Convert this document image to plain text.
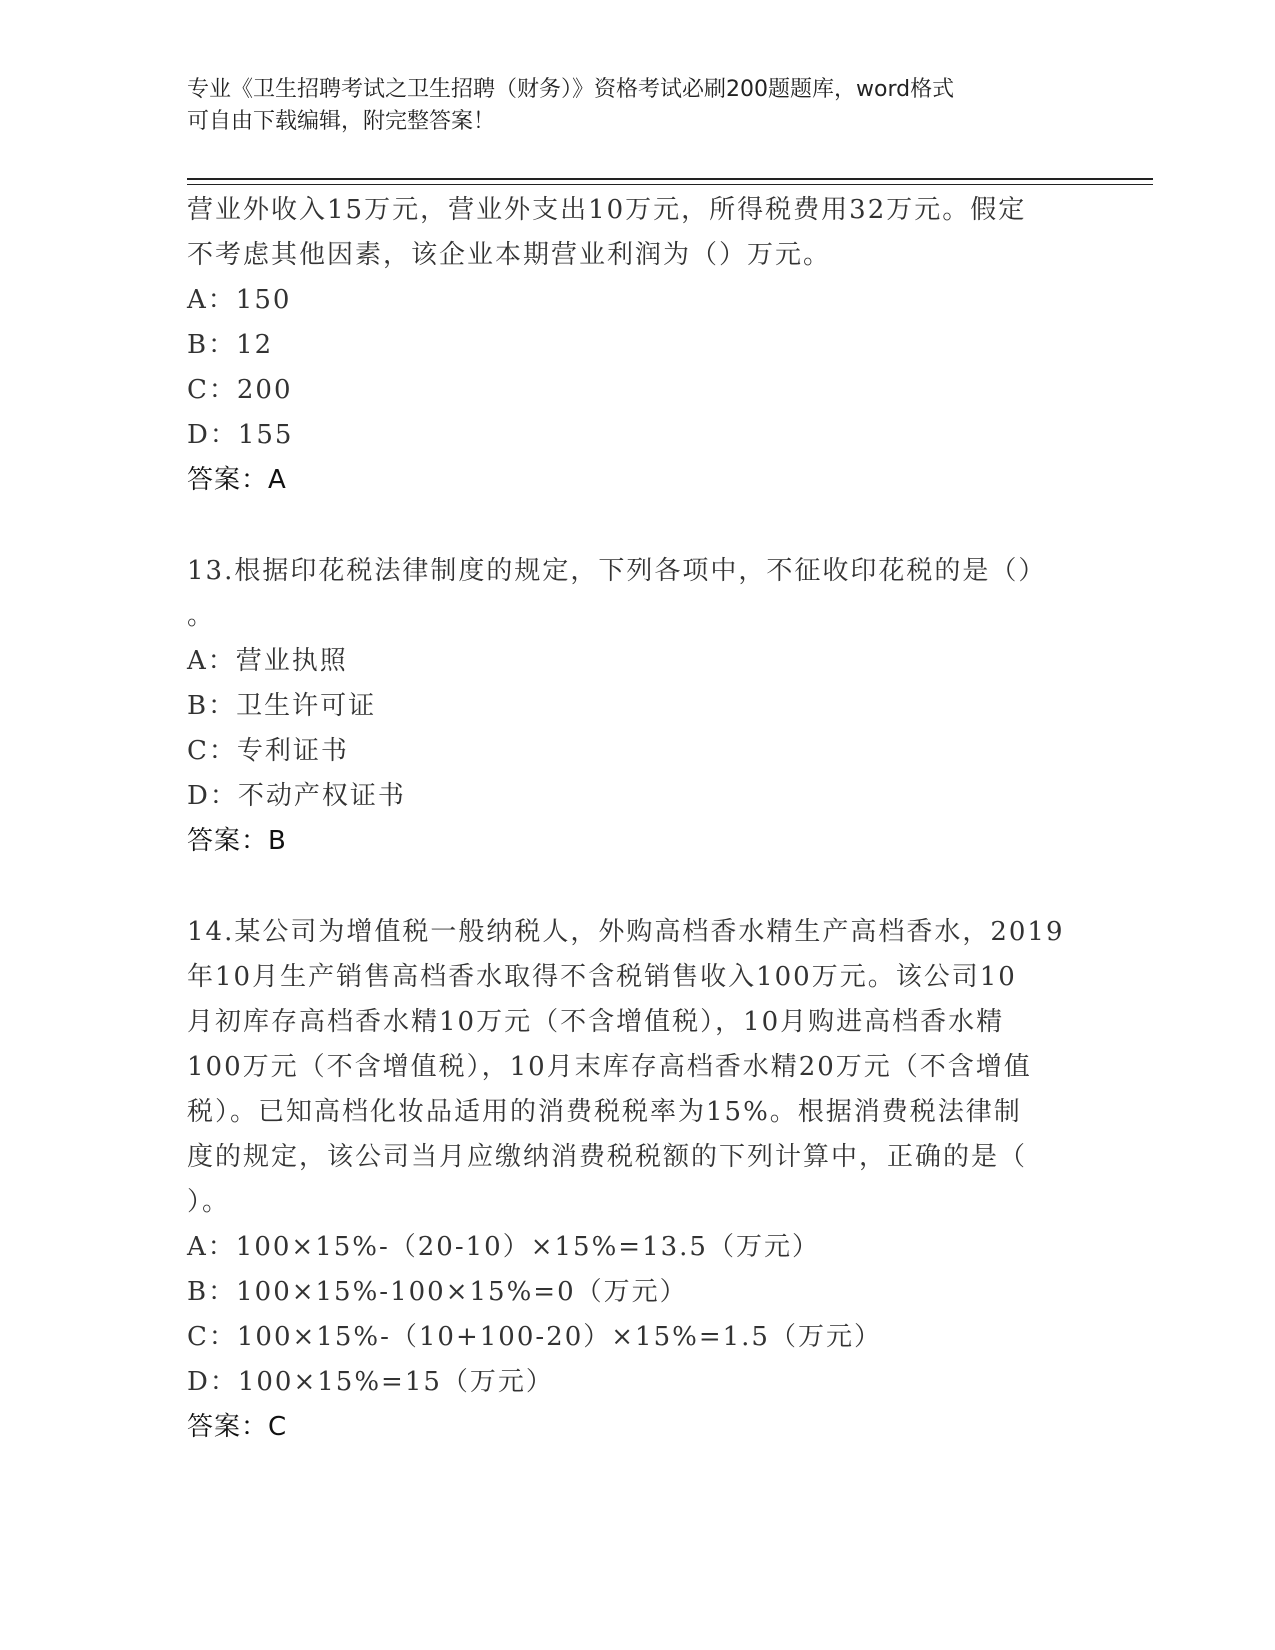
专业《卫生招聘考试之卫生招聘（财务）》资格考试必刷200题题库，word格式
可自由下载编辑，附完整答案！
营业外收入15万元，营业外支出10万元，所得税费用32万元。假定
不考虑其他因素，该企业本期营业利润为（）万元。
A：150
B：12
C：200
D：155
答案：A
13.根据印花税法律制度的规定，下列各项中，不征收印花税的是（）
。
A：营业执照
B：卫生许可证
C：专利证书
D：不动产权证书
答案：B
14.某公司为增值税一般纳税人，外购高档香水精生产高档香水，2019
年10月生产销售高档香水取得不含税销售收入100万元。该公司10
月初库存高档香水精10万元（不含增值税），10月购进高档香水精
100万元（不含增值税），10月末库存高档香水精20万元（不含增值
税）。已知高档化妆品适用的消费税税率为15%。根据消费税法律制
度的规定，该公司当月应缴纳消费税税额的下列计算中，正确的是（
）。
A：100×15%-（20-10）×15%=13.5（万元）
B：100×15%-100×15%=0（万元）
C：100×15%-（10+100-20）×15%=1.5（万元）
D：100×15%=15（万元）
答案：C
